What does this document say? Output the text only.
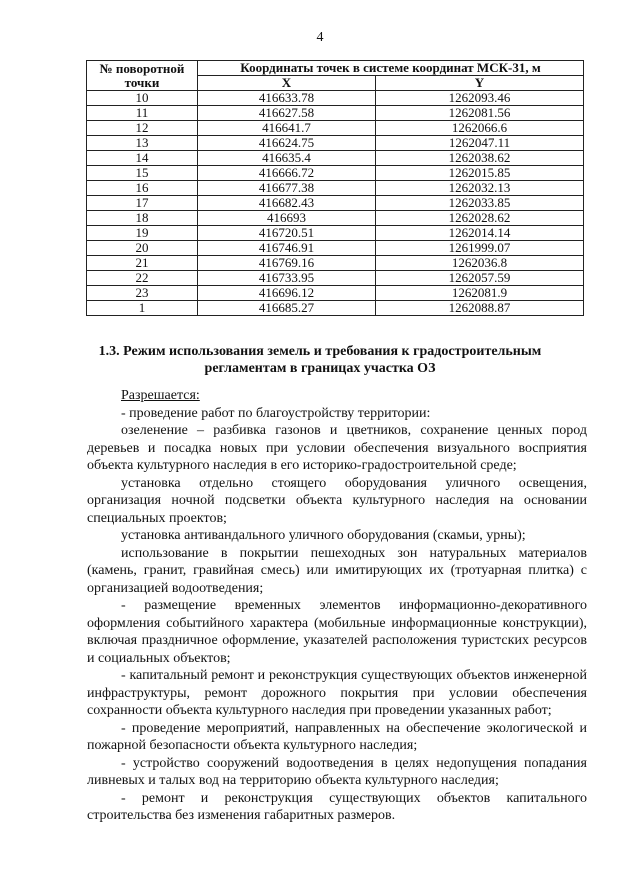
4
№ поворотной точки	Координаты точек в системе координат МСК-31, м	
	X	Y
10	416633.78	1262093.46
11	416627.58	1262081.56
12	416641.7	1262066.6
13	416624.75	1262047.11
14	416635.4	1262038.62
15	416666.72	1262015.85
16	416677.38	1262032.13
17	416682.43	1262033.85
18	416693	1262028.62
19	416720.51	1262014.14
20	416746.91	1261999.07
21	416769.16	1262036.8
22	416733.95	1262057.59
23	416696.12	1262081.9
1	416685.27	1262088.87
1.3. Режим использования земель и требования к градостроительным
регламентам в границах участка ОЗ

Разрешается:

- проведение работ по благоустройству территории:

озеленение – разбивка газонов и цветников, сохранение ценных пород деревьев и посадка новых при условии обеспечения визуального восприятия объекта культурного наследия в его историко-градостроительной среде;

установка отдельно стоящего оборудования уличного освещения, организация ночной подсветки объекта культурного наследия на основании специальных проектов;

установка антивандального уличного оборудования (скамьи, урны);

использование в покрытии пешеходных зон натуральных материалов (камень, гранит, гравийная смесь) или имитирующих их (тротуарная плитка) с организацией водоотведения;

- размещение временных элементов информационно-декоративного оформления событийного характера (мобильные информационные конструкции), включая праздничное оформление, указателей расположения туристских ресурсов и социальных объектов;

- капитальный ремонт и реконструкция существующих объектов инженерной инфраструктуры, ремонт дорожного покрытия при условии обеспечения сохранности объекта культурного наследия при проведении указанных работ;

- проведение мероприятий, направленных на обеспечение экологической и пожарной безопасности объекта культурного наследия;

- устройство сооружений водоотведения в целях недопущения попадания ливневых и талых вод на территорию объекта культурного наследия;

- ремонт и реконструкция существующих объектов капитального строительства без изменения габаритных размеров.
